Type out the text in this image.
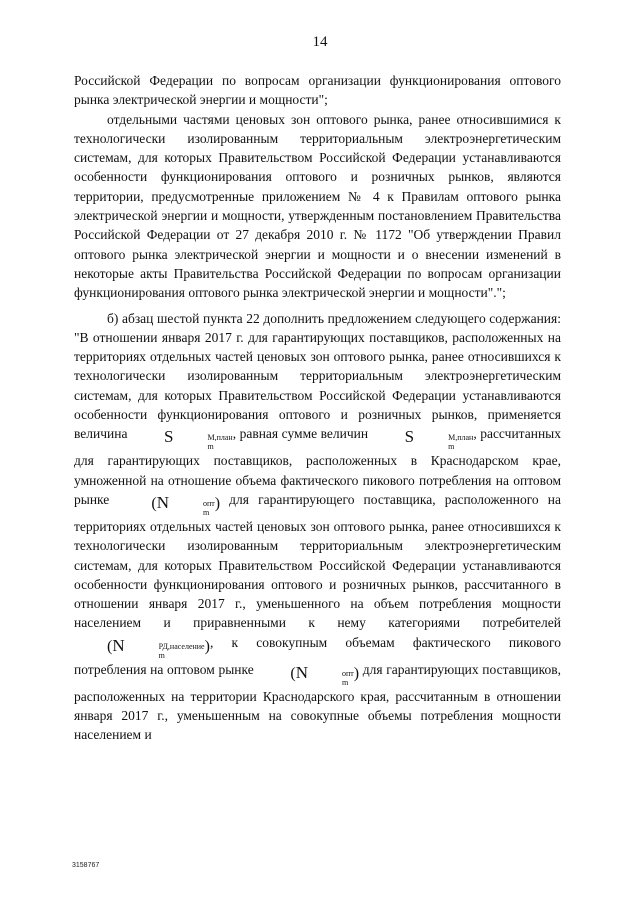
14

Российской Федерации по вопросам организации функционирования оптового рынка электрической энергии и мощности";

отдельными частями ценовых зон оптового рынка, ранее относившимися к технологически изолированным территориальным электроэнергетическим системам, для которых Правительством Российской Федерации устанавливаются особенности функционирования оптового и розничных рынков, являются территории, предусмотренные приложением № 4 к Правилам оптового рынка электрической энергии и мощности, утвержденным постановлением Правительства Российской Федерации от 27 декабря 2010 г. № 1172 "Об утверждении Правил оптового рынка электрической энергии и мощности и о внесении изменений в некоторые акты Правительства Российской Федерации по вопросам организации функционирования оптового рынка электрической энергии и мощности".";

б) абзац шестой пункта 22 дополнить предложением следующего содержания: "В отношении января 2017 г. для гарантирующих поставщиков, расположенных на территориях отдельных частей ценовых зон оптового рынка, ранее относившихся к технологически изолированным территориальным электроэнергетическим системам, для которых Правительством Российской Федерации устанавливаются особенности функционирования оптового и розничных рынков, применяется величина S	М,план
m
, равная сумме величин S	М,план
m
, рассчитанных для гарантирующих поставщиков, расположенных в Краснодарском крае, умноженной на отношение объема фактического пикового потребления на оптовом рынке (N	опт
m
) для гарантирующего поставщика, расположенного на территориях отдельных частей ценовых зон оптового рынка, ранее относившихся к технологически изолированным территориальным электроэнергетическим системам, для которых Правительством Российской Федерации устанавливаются особенности функционирования оптового и розничных рынков, рассчитанного в отношении января 2017 г., уменьшенного на объем потребления мощности населением и приравненными к нему категориями потребителей (N	РД,население
m
), к совокупным объемам фактического пикового потребления на оптовом рынке (N	опт
m
) для гарантирующих поставщиков, расположенных на территории Краснодарского края, рассчитанным в отношении января 2017 г., уменьшенным на совокупные объемы потребления мощности населением и

3158767
